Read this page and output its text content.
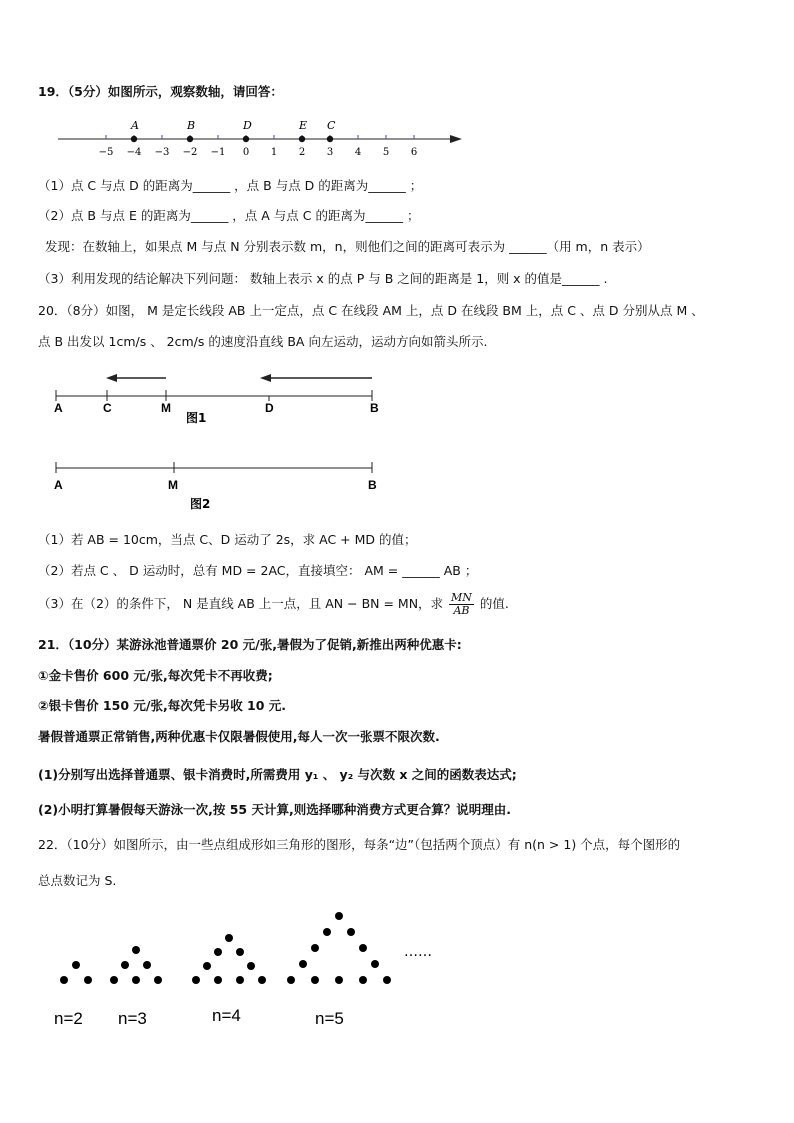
19．（5分）如图所示，观察数轴，请回答：
−5 −4 −3 −2 −1 0 1 2 3 4 5 6
A	B	D	E C
A	C	M	D	B
图1
A	M	B
图2
……
n=2 n=3	n=4	n=5
（1）点 C 与点 D 的距离为______ ，点 B 与点 D 的距离为______ ；
（2）点 B 与点 E 的距离为______ ，点 A 与点 C 的距离为______ ；
发现：在数轴上，如果点 M 与点 N 分别表示数 m，n，则他们之间的距离可表示为 ______（用 m，n 表示）
（3）利用发现的结论解决下列问题： 数轴上表示 x 的点 P 与 B 之间的距离是 1，则 x 的值是______ .
20．（8分）如图， M 是定长线段 AB 上一定点，点 C 在线段 AM 上，点 D 在线段 BM 上，点 C 、点 D 分别从点 M 、
点 B 出发以 1cm/s 、 2cm/s 的速度沿直线 BA 向左运动，运动方向如箭头所示.
（1）若 AB = 10cm，当点 C、D 运动了 2s，求 AC + MD 的值；
（2）若点 C 、 D 运动时，总有 MD = 2AC，直接填空： AM = ______ AB ；
（3）在（2）的条件下， N 是直线 AB 上一点，且 AN − BN = MN，求 $\frac{MN}{AB}$ 的值.
21．（10分）某游泳池普通票价 20 元/张,暑假为了促销,新推出两种优惠卡:
①金卡售价 600 元/张,每次凭卡不再收费;
②银卡售价 150 元/张,每次凭卡另收 10 元.
暑假普通票正常销售,两种优惠卡仅限暑假使用,每人一次一张票不限次数.
(1)分别写出选择普通票、银卡消费时,所需费用 y₁ 、 y₂ 与次数 x 之间的函数表达式;
(2)小明打算暑假每天游泳一次,按 55 天计算,则选择哪种消费方式更合算？说明理由.
22．（10分）如图所示，由一些点组成形如三角形的图形，每条“边”（包括两个顶点）有 n(n > 1) 个点，每个图形的
总点数记为 S.
